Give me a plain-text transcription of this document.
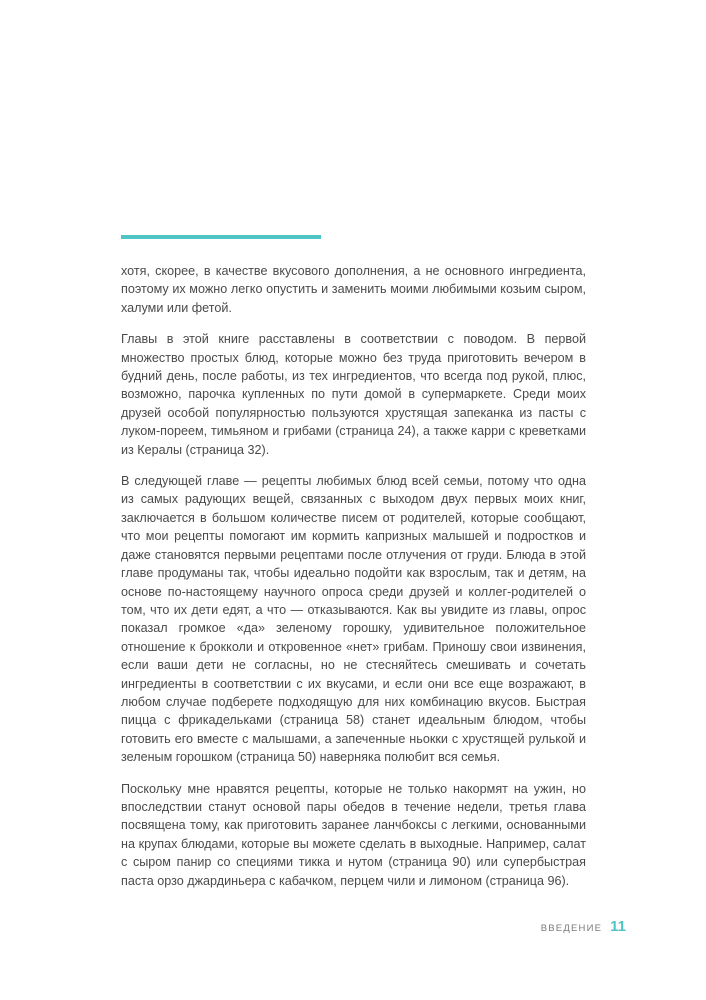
хотя, скорее, в качестве вкусового дополнения, а не основного ингредиента, поэтому их можно легко опустить и заменить моими любимыми козьим сыром, халуми или фетой.

Главы в этой книге расставлены в соответствии с поводом. В первой множество простых блюд, которые можно без труда приготовить вечером в будний день, после работы, из тех ингредиентов, что всегда под рукой, плюс, возможно, парочка купленных по пути домой в супермаркете. Среди моих друзей особой популярностью пользуются хрустящая запеканка из пасты с луком-пореем, тимьяном и грибами (страница 24), а также карри с креветками из Кералы (страница 32).

В следующей главе — рецепты любимых блюд всей семьи, потому что одна из самых радующих вещей, связанных с выходом двух первых моих книг, заключается в большом количестве писем от родителей, которые сообщают, что мои рецепты помогают им кормить капризных малышей и подростков и даже становятся первыми рецептами после отлучения от груди. Блюда в этой главе продуманы так, чтобы идеально подойти как взрослым, так и детям, на основе по-настоящему научного опроса среди друзей и коллег-родителей о том, что их дети едят, а что — отказываются. Как вы увидите из главы, опрос показал громкое «да» зеленому горошку, удивительное положительное отношение к брокколи и откровенное «нет» грибам. Приношу свои извинения, если ваши дети не согласны, но не стесняйтесь смешивать и сочетать ингредиенты в соответствии с их вкусами, и если они все еще возражают, в любом случае подберете подходящую для них комбинацию вкусов. Быстрая пицца с фрикадельками (страница 58) станет идеальным блюдом, чтобы готовить его вместе с малышами, а запеченные ньокки с хрустящей рулькой и зеленым горошком (страница 50) наверняка полюбит вся семья.

Поскольку мне нравятся рецепты, которые не только накормят на ужин, но впоследствии станут основой пары обедов в течение недели, третья глава посвящена тому, как приготовить заранее ланчбоксы с легкими, основанными на крупах блюдами, которые вы можете сделать в выходные. Например, салат с сыром панир со специями тикка и нутом (страница 90) или супербыстрая паста орзо джардиньера с кабачком, перцем чили и лимоном (страница 96).

ВВЕДЕНИЕ 11
